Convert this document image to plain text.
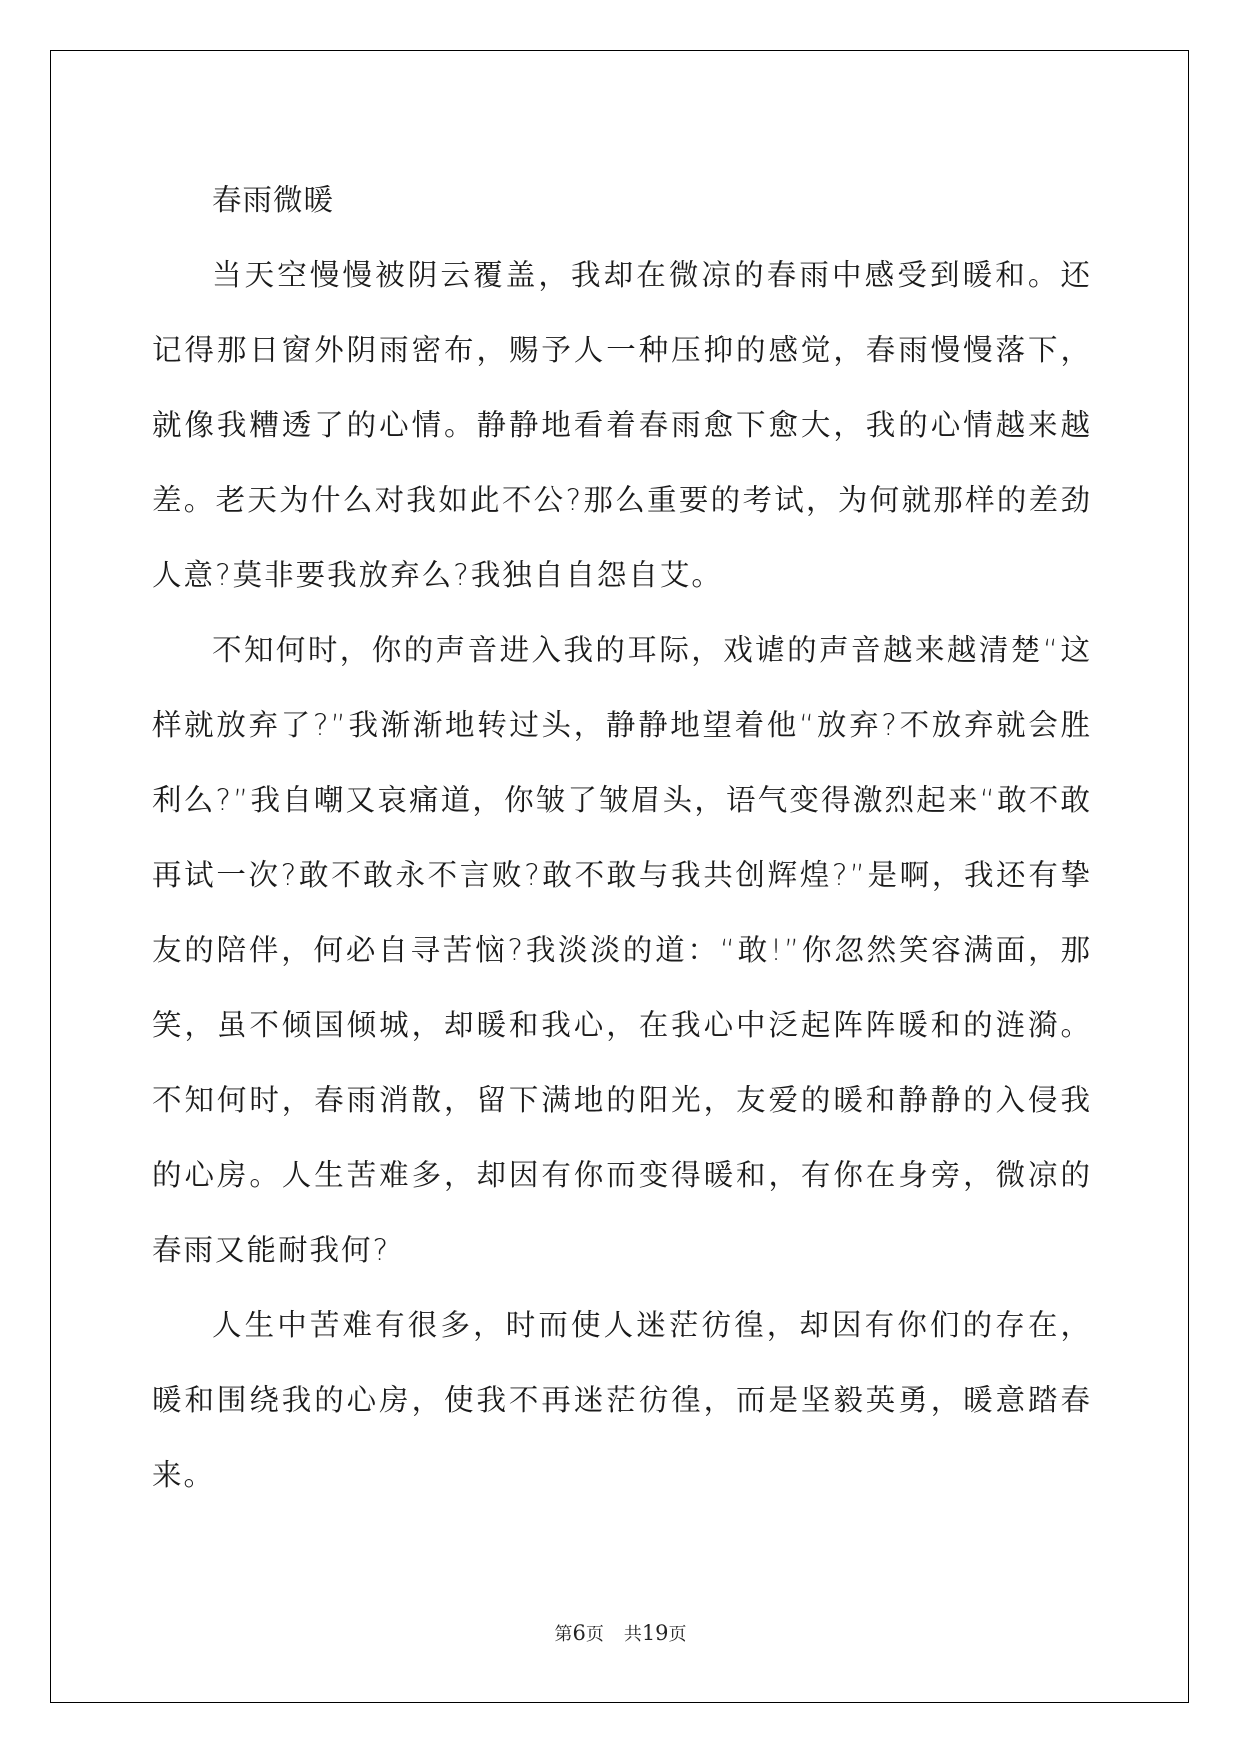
春雨微暖

当天空慢慢被阴云覆盖，我却在微凉的春雨中感受到暖和。还记得那日窗外阴雨密布，赐予人一种压抑的感觉，春雨慢慢落下，就像我糟透了的心情。静静地看着春雨愈下愈大，我的心情越来越差。老天为什么对我如此不公?那么重要的考试，为何就那样的差劲人意?莫非要我放弃么?我独自自怨自艾。

不知何时，你的声音进入我的耳际，戏谑的声音越来越清楚“这样就放弃了?”我渐渐地转过头，静静地望着他“放弃?不放弃就会胜利么?”我自嘲又哀痛道，你皱了皱眉头，语气变得激烈起来“敢不敢再试一次?敢不敢永不言败?敢不敢与我共创辉煌?”是啊，我还有挚友的陪伴，何必自寻苦恼?我淡淡的道：“敢!”你忽然笑容满面，那笑，虽不倾国倾城，却暖和我心，在我心中泛起阵阵暖和的涟漪。不知何时，春雨消散，留下满地的阳光，友爱的暖和静静的入侵我的心房。人生苦难多，却因有你而变得暖和，有你在身旁，微凉的春雨又能耐我何?

人生中苦难有很多，时而使人迷茫彷徨，却因有你们的存在，暖和围绕我的心房，使我不再迷茫彷徨，而是坚毅英勇，暖意踏春来。

第6页 共19页
